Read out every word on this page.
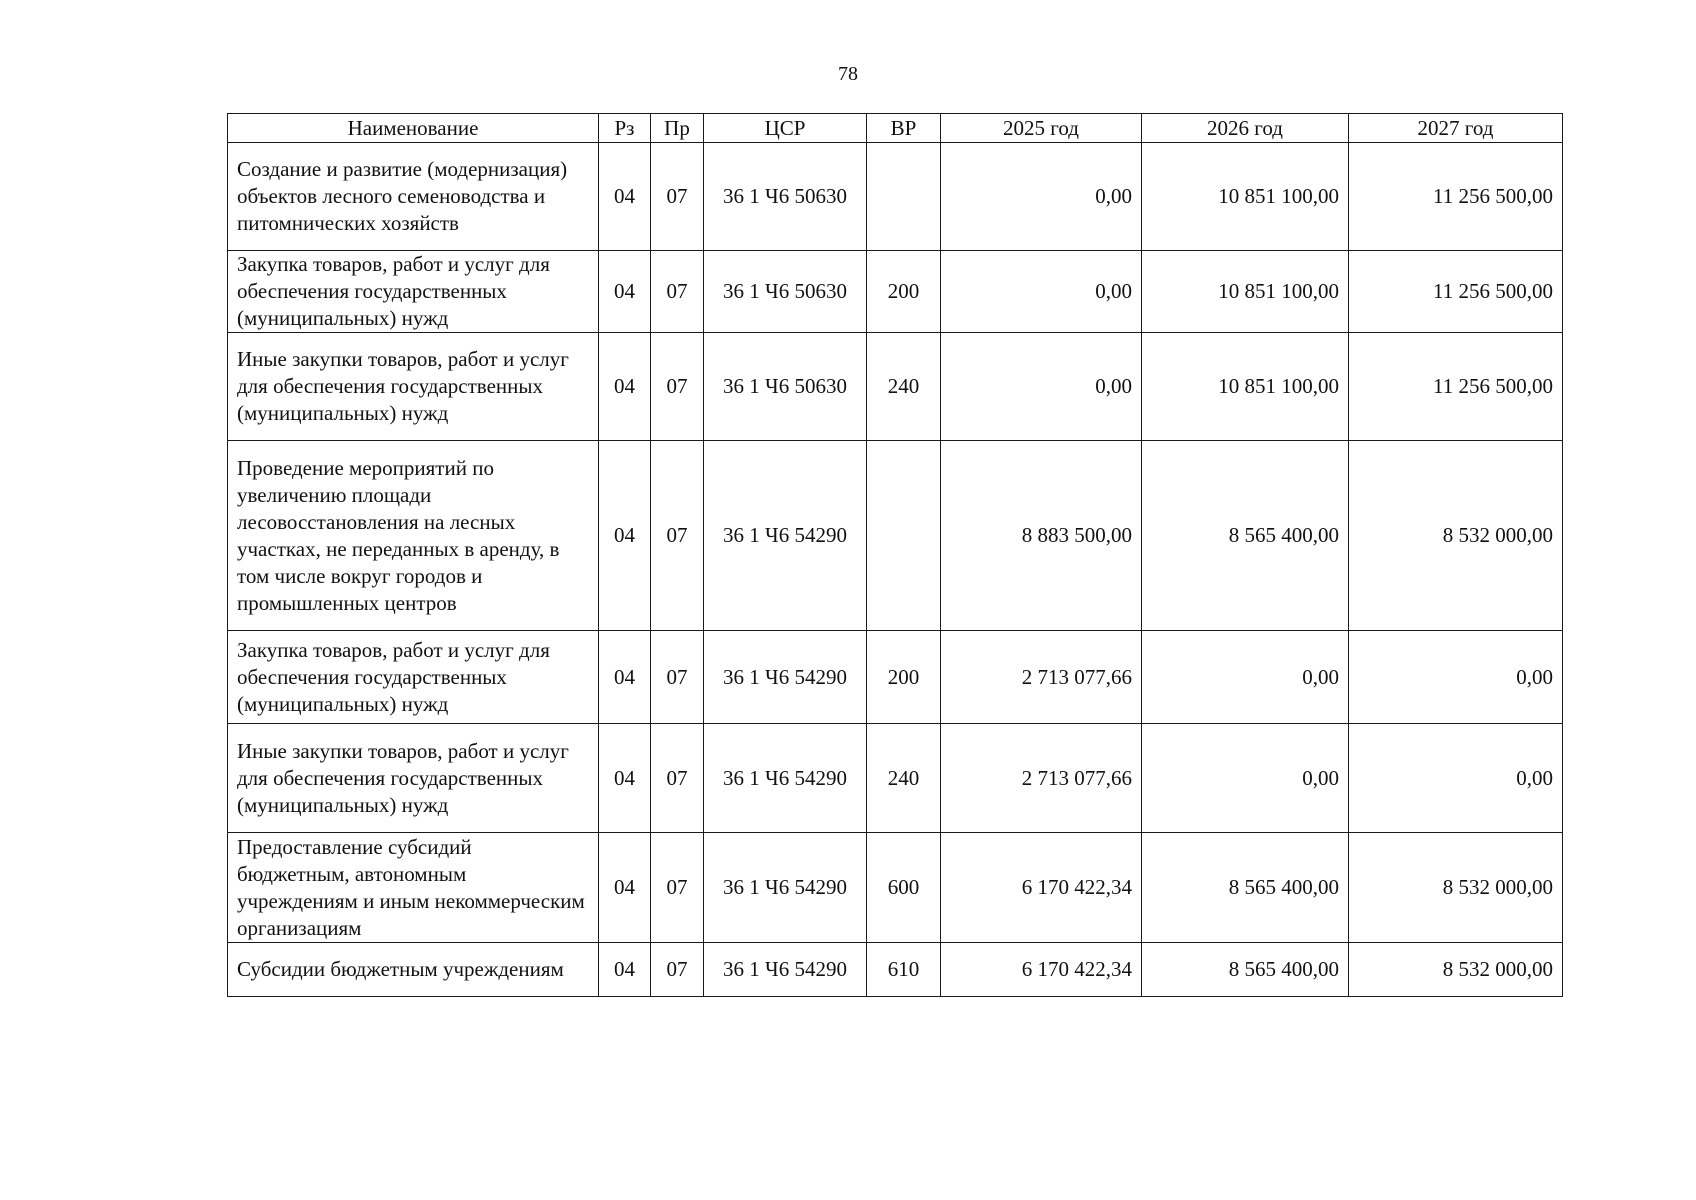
78
Наименование	Рз	Пр	ЦСР	ВР	2025 год	2026 год	2027 год
Создание и развитие (модернизация) объектов лесного семеноводства и питомнических хозяйств	04	07	36 1 Ч6 50630		0,00	10 851 100,00	11 256 500,00
Закупка товаров, работ и услуг для обеспечения государственных (муниципальных) нужд	04	07	36 1 Ч6 50630	200	0,00	10 851 100,00	11 256 500,00
Иные закупки товаров, работ и услуг для обеспечения государственных (муниципальных) нужд	04	07	36 1 Ч6 50630	240	0,00	10 851 100,00	11 256 500,00
Проведение мероприятий по увеличению площади лесовосстановления на лесных участках, не переданных в аренду, в том числе вокруг городов и промышленных центров	04	07	36 1 Ч6 54290		8 883 500,00	8 565 400,00	8 532 000,00
Закупка товаров, работ и услуг для обеспечения государственных (муниципальных) нужд	04	07	36 1 Ч6 54290	200	2 713 077,66	0,00	0,00
Иные закупки товаров, работ и услуг для обеспечения государственных (муниципальных) нужд	04	07	36 1 Ч6 54290	240	2 713 077,66	0,00	0,00
Предоставление субсидий бюджетным, автономным учреждениям и иным некоммерческим организациям	04	07	36 1 Ч6 54290	600	6 170 422,34	8 565 400,00	8 532 000,00
Субсидии бюджетным учреждениям	04	07	36 1 Ч6 54290	610	6 170 422,34	8 565 400,00	8 532 000,00
